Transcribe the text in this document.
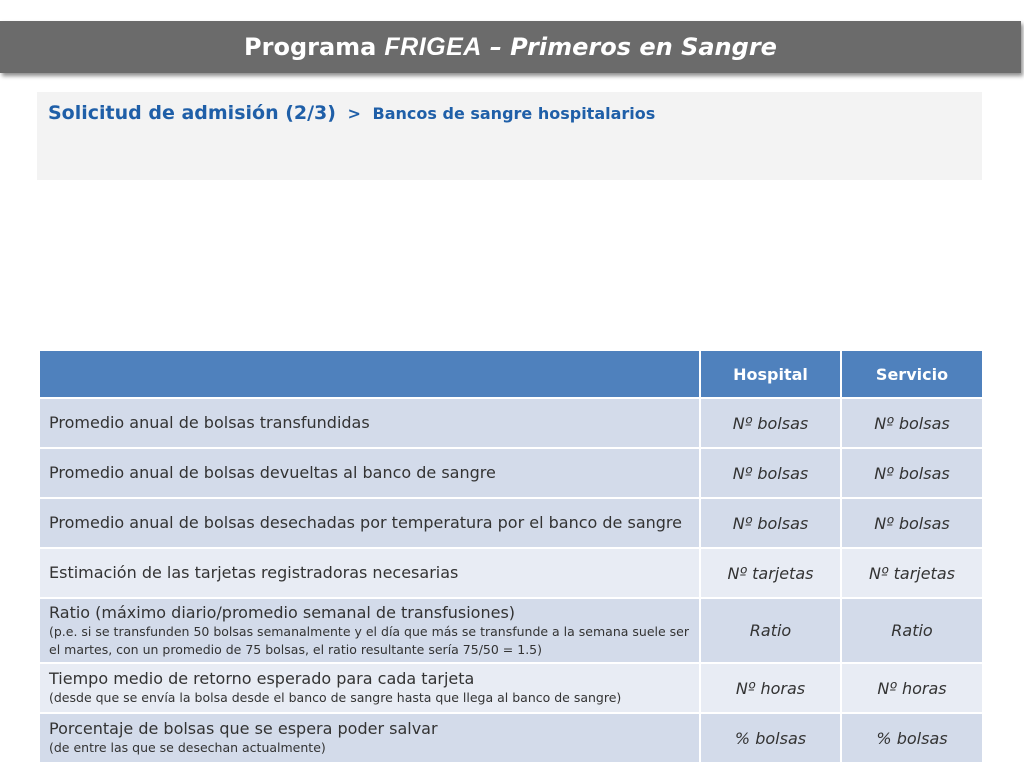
Programa FRIGEA – Primeros en Sangre
Solicitud de admisión (2/3) > Bancos de sangre hospitalarios
	Hospital	Servicio

Promedio anual de bolsas transfundidas	Nº bolsas	Nº bolsas

Promedio anual de bolsas devueltas al banco de sangre	Nº bolsas	Nº bolsas

Promedio anual de bolsas desechadas por temperatura por el banco de sangre	Nº bolsas	Nº bolsas

Estimación de las tarjetas registradoras necesarias	Nº tarjetas	Nº tarjetas

Ratio (máximo diario/promedio semanal de transfusiones)
(p.e. si se transfunden 50 bolsas semanalmente y el día que más se transfunde a la semana suele ser el martes, con un promedio de 75 bolsas, el ratio resultante sería 75/50 = 1.5)	Ratio	Ratio

Tiempo medio de retorno esperado para cada tarjeta
(desde que se envía la bolsa desde el banco de sangre hasta que llega al banco de sangre)	Nº horas	Nº horas

Porcentaje de bolsas que se espera poder salvar
(de entre las que se desechan actualmente)	% bolsas	% bolsas
